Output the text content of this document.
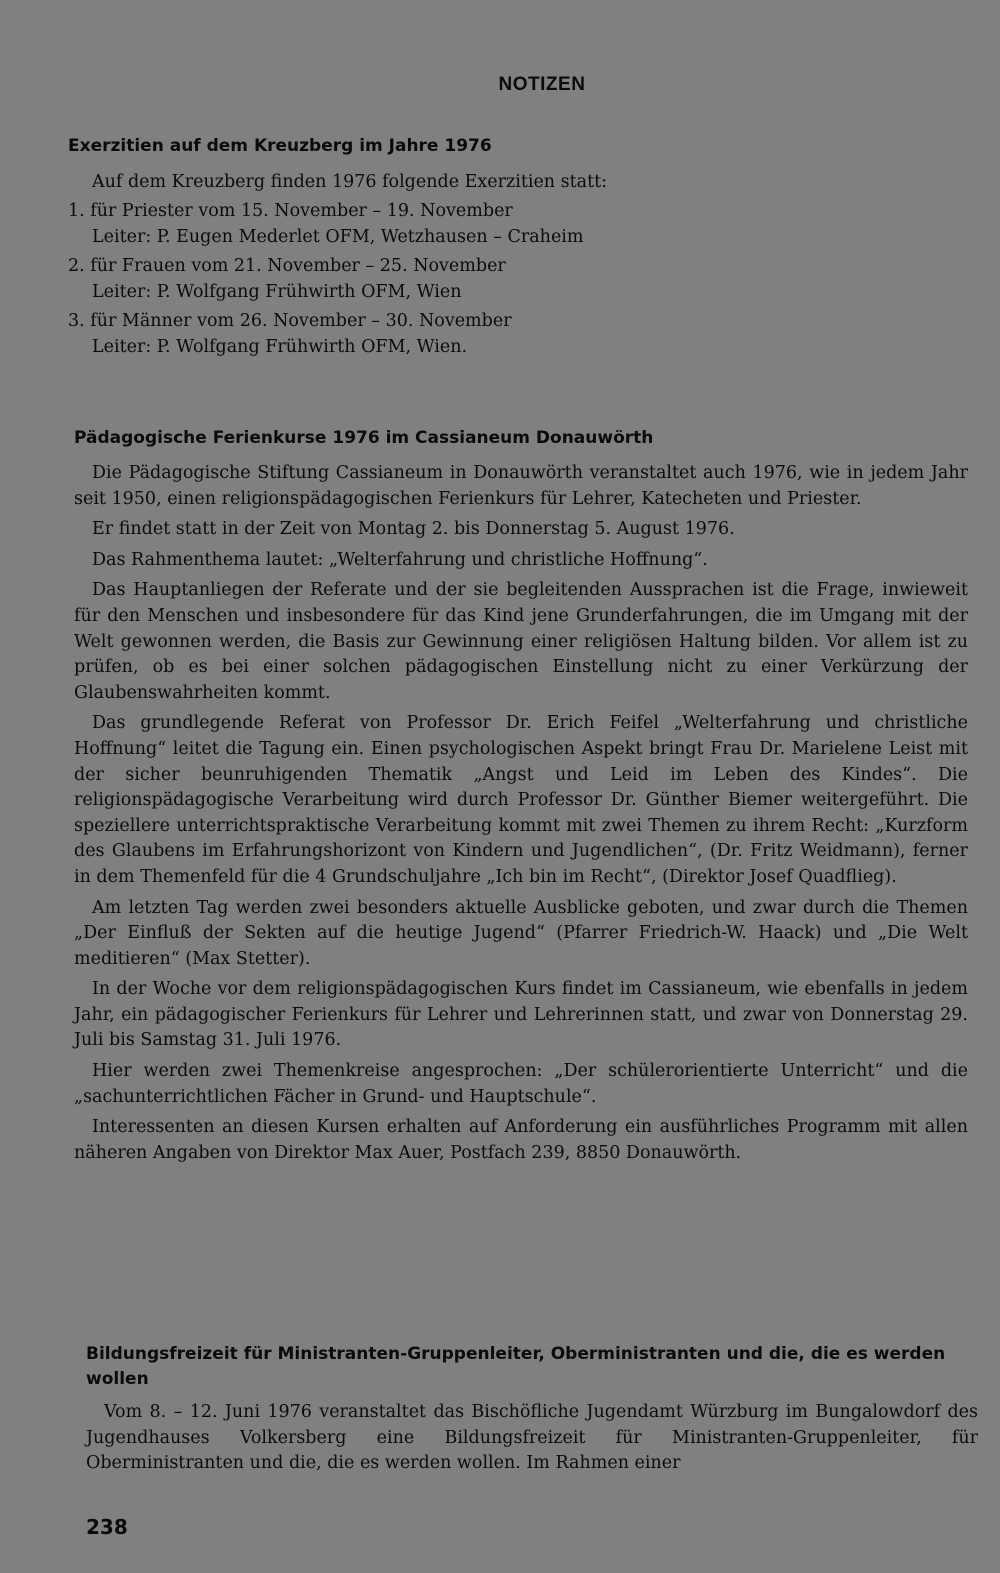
NOTIZEN
Exerzitien auf dem Kreuzberg im Jahre 1976
Auf dem Kreuzberg finden 1976 folgende Exerzitien statt:
1. für Priester vom 15. November – 19. November
Leiter: P. Eugen Mederlet OFM, Wetzhausen – Craheim
2. für Frauen vom 21. November – 25. November
Leiter: P. Wolfgang Frühwirth OFM, Wien
3. für Männer vom 26. November – 30. November
Leiter: P. Wolfgang Frühwirth OFM, Wien.
Pädagogische Ferienkurse 1976 im Cassianeum Donauwörth

Die Pädagogische Stiftung Cassianeum in Donauwörth veranstaltet auch 1976, wie in jedem Jahr seit 1950, einen religionspädagogischen Ferienkurs für Lehrer, Katecheten und Priester.

Er findet statt in der Zeit von Montag 2. bis Donnerstag 5. August 1976.

Das Rahmenthema lautet: „Welterfahrung und christliche Hoffnung“.

Das Hauptanliegen der Referate und der sie begleitenden Aussprachen ist die Frage, inwieweit für den Menschen und insbesondere für das Kind jene Grunderfahrungen, die im Umgang mit der Welt gewonnen werden, die Basis zur Gewinnung einer religiösen Haltung bilden. Vor allem ist zu prüfen, ob es bei einer solchen pädagogischen Einstellung nicht zu einer Verkürzung der Glaubenswahrheiten kommt.

Das grundlegende Referat von Professor Dr. Erich Feifel „Welterfahrung und christliche Hoffnung“ leitet die Tagung ein. Einen psychologischen Aspekt bringt Frau Dr. Marielene Leist mit der sicher beunruhigenden Thematik „Angst und Leid im Leben des Kindes“. Die religionspädagogische Verarbeitung wird durch Professor Dr. Günther Biemer weitergeführt. Die speziellere unterrichtspraktische Verarbeitung kommt mit zwei Themen zu ihrem Recht: „Kurzform des Glaubens im Erfahrungshorizont von Kindern und Jugendlichen“, (Dr. Fritz Weidmann), ferner in dem Themenfeld für die 4 Grundschuljahre „Ich bin im Recht“, (Direktor Josef Quadflieg).

Am letzten Tag werden zwei besonders aktuelle Ausblicke geboten, und zwar durch die Themen „Der Einfluß der Sekten auf die heutige Jugend“ (Pfarrer Friedrich-W. Haack) und „Die Welt meditieren“ (Max Stetter).

In der Woche vor dem religionspädagogischen Kurs findet im Cassianeum, wie ebenfalls in jedem Jahr, ein pädagogischer Ferienkurs für Lehrer und Lehrerinnen statt, und zwar von Donnerstag 29. Juli bis Samstag 31. Juli 1976.

Hier werden zwei Themenkreise angesprochen: „Der schülerorientierte Unterricht“ und die „sachunterrichtlichen Fächer in Grund- und Hauptschule“.

Interessenten an diesen Kursen erhalten auf Anforderung ein ausführliches Programm mit allen näheren Angaben von Direktor Max Auer, Postfach 239, 8850 Donauwörth.

Bildungsfreizeit für Ministranten-Gruppenleiter, Oberministranten und die, die es werden wollen

Vom 8. – 12. Juni 1976 veranstaltet das Bischöfliche Jugendamt Würzburg im Bungalowdorf des Jugendhauses Volkersberg eine Bildungsfreizeit für Ministranten-Gruppenleiter, für Oberministranten und die, die es werden wollen. Im Rahmen einer

238
